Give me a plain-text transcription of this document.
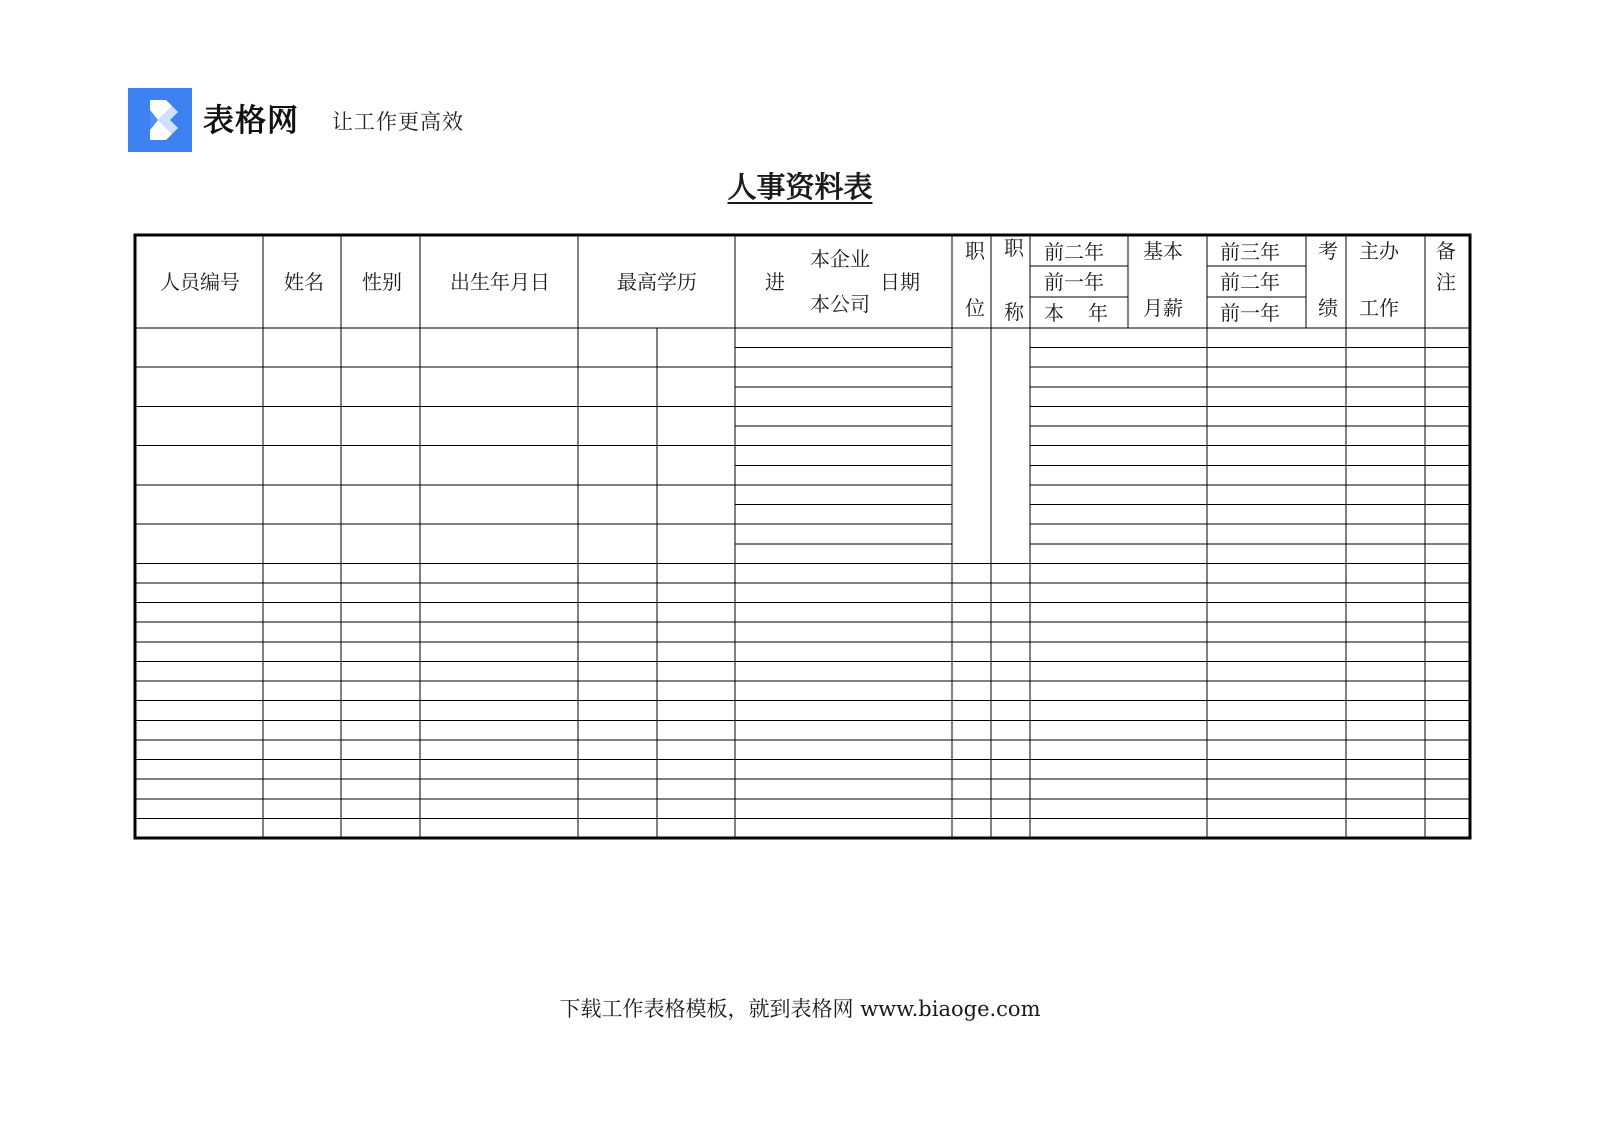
表格网 让工作更高效
人事资料表
人员编号 姓名 性别 出生年月日	最高学历	进
本企业
本公司
日期
职
位
职
称
前二年
前一年
本 年
基本
月薪
前三年
前二年
前一年
考
绩
主办
工作
备
注
下载工作表格模板，就到表格网 www.biaoge.com
